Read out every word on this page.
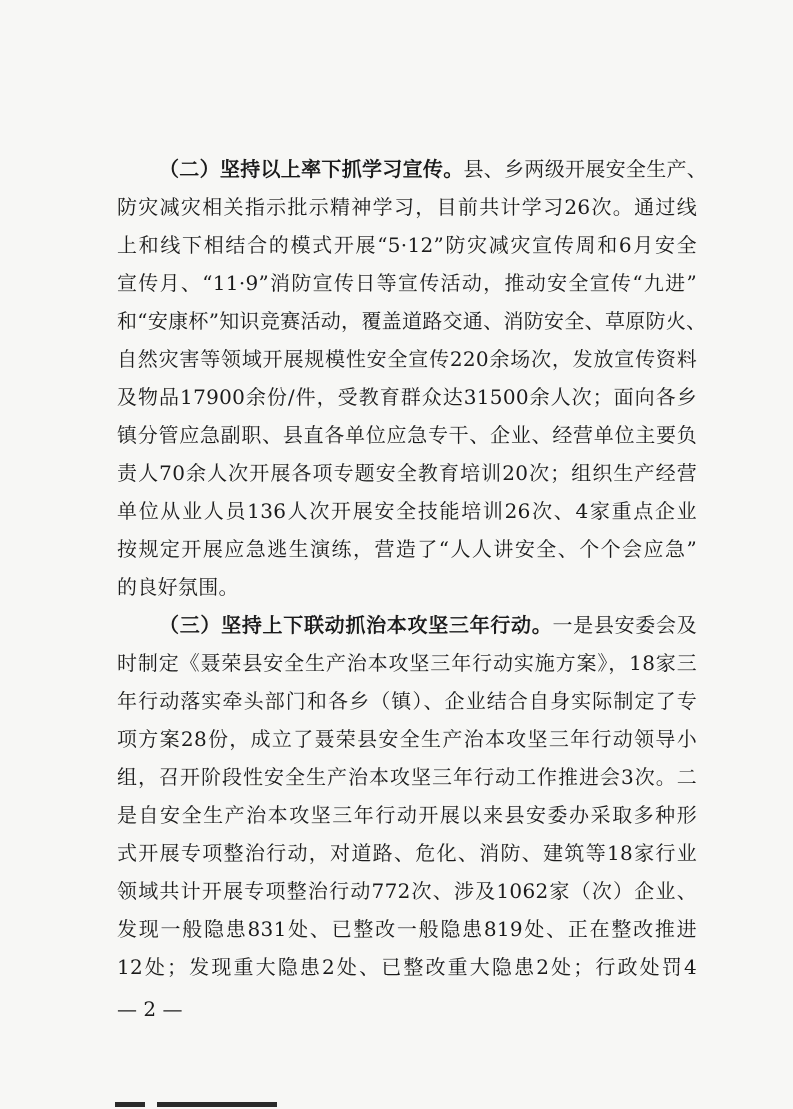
（二）坚持以上率下抓学习宣传。县、乡两级开展安全生产、
防灾减灾相关指示批示精神学习，目前共计学习26次。通过线
上和线下相结合的模式开展“5·12”防灾减灾宣传周和6月安全
宣传月、“11·9”消防宣传日等宣传活动，推动安全宣传“九进”
和“安康杯”知识竞赛活动，覆盖道路交通、消防安全、草原防火、
自然灾害等领域开展规模性安全宣传220余场次，发放宣传资料
及物品17900余份/件，受教育群众达31500余人次；面向各乡
镇分管应急副职、县直各单位应急专干、企业、经营单位主要负
责人70余人次开展各项专题安全教育培训20次；组织生产经营
单位从业人员136人次开展安全技能培训26次、4家重点企业
按规定开展应急逃生演练，营造了“人人讲安全、个个会应急”
的良好氛围。
（三）坚持上下联动抓治本攻坚三年行动。一是县安委会及
时制定《聂荣县安全生产治本攻坚三年行动实施方案》，18家三
年行动落实牵头部门和各乡（镇）、企业结合自身实际制定了专
项方案28份，成立了聂荣县安全生产治本攻坚三年行动领导小
组，召开阶段性安全生产治本攻坚三年行动工作推进会3次。二
是自安全生产治本攻坚三年行动开展以来县安委办采取多种形
式开展专项整治行动，对道路、危化、消防、建筑等18家行业
领域共计开展专项整治行动772次、涉及1062家（次）企业、
发现一般隐患831处、已整改一般隐患819处、正在整改推进
12处；发现重大隐患2处、已整改重大隐患2处；行政处罚4
— 2 —
